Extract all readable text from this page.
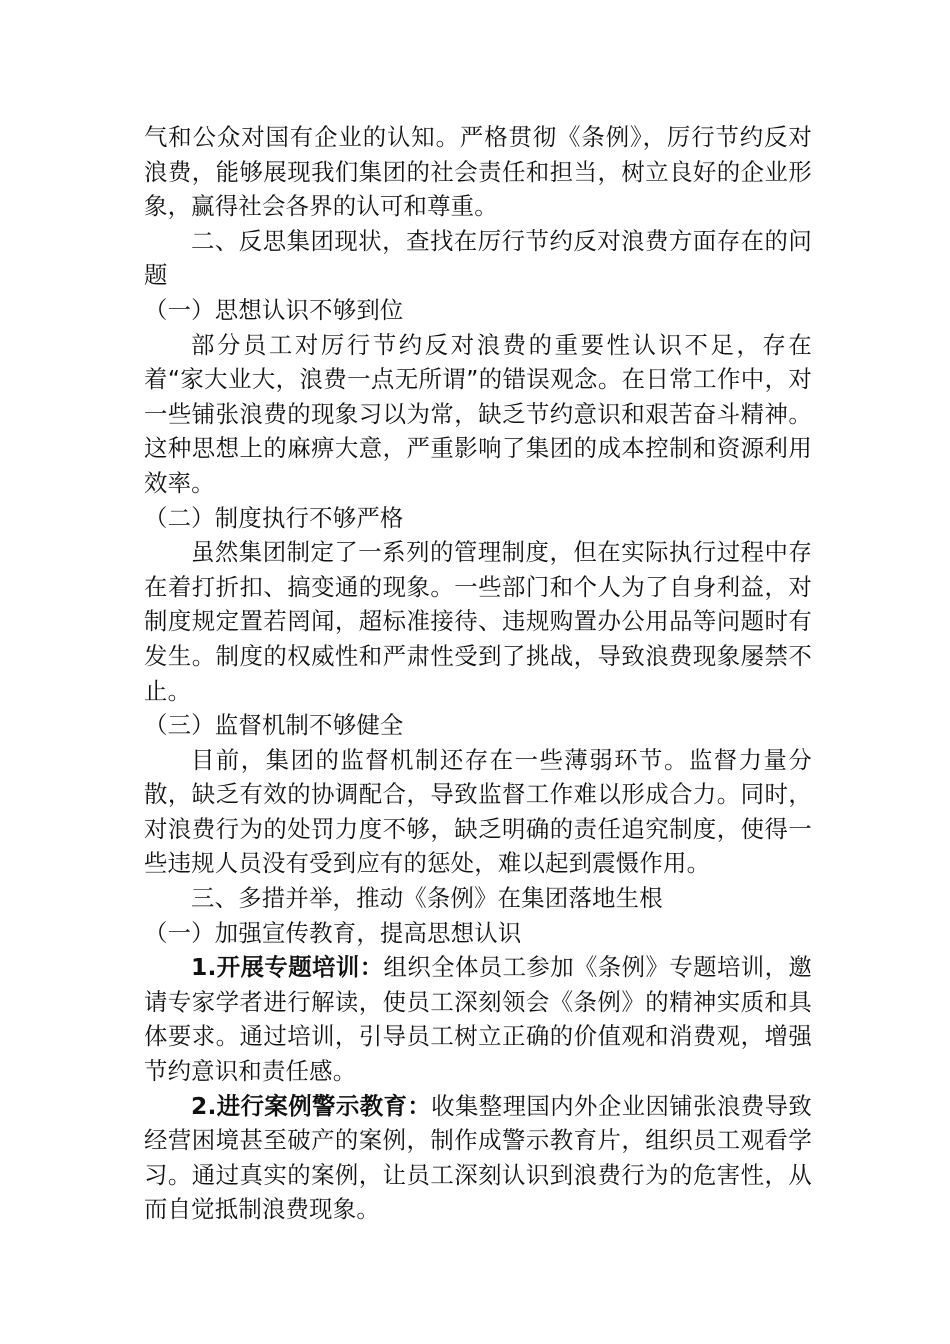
气和公众对国有企业的认知。严格贯彻《条例》，厉行节约反对浪费，能够展现我们集团的社会责任和担当，树立良好的企业形象，赢得社会各界的认可和尊重。

二、反思集团现状，查找在厉行节约反对浪费方面存在的问题

（一）思想认识不够到位

部分员工对厉行节约反对浪费的重要性认识不足，存在着“家大业大，浪费一点无所谓”的错误观念。在日常工作中，对一些铺张浪费的现象习以为常，缺乏节约意识和艰苦奋斗精神。这种思想上的麻痹大意，严重影响了集团的成本控制和资源利用效率。

（二）制度执行不够严格

虽然集团制定了一系列的管理制度，但在实际执行过程中存在着打折扣、搞变通的现象。一些部门和个人为了自身利益，对制度规定置若罔闻，超标准接待、违规购置办公用品等问题时有发生。制度的权威性和严肃性受到了挑战，导致浪费现象屡禁不止。

（三）监督机制不够健全

目前，集团的监督机制还存在一些薄弱环节。监督力量分散，缺乏有效的协调配合，导致监督工作难以形成合力。同时，对浪费行为的处罚力度不够，缺乏明确的责任追究制度，使得一些违规人员没有受到应有的惩处，难以起到震慑作用。

三、多措并举，推动《条例》在集团落地生根

（一）加强宣传教育，提高思想认识

1.开展专题培训：组织全体员工参加《条例》专题培训，邀请专家学者进行解读，使员工深刻领会《条例》的精神实质和具体要求。通过培训，引导员工树立正确的价值观和消费观，增强节约意识和责任感。

2.进行案例警示教育：收集整理国内外企业因铺张浪费导致经营困境甚至破产的案例，制作成警示教育片，组织员工观看学习。通过真实的案例，让员工深刻认识到浪费行为的危害性，从而自觉抵制浪费现象。
